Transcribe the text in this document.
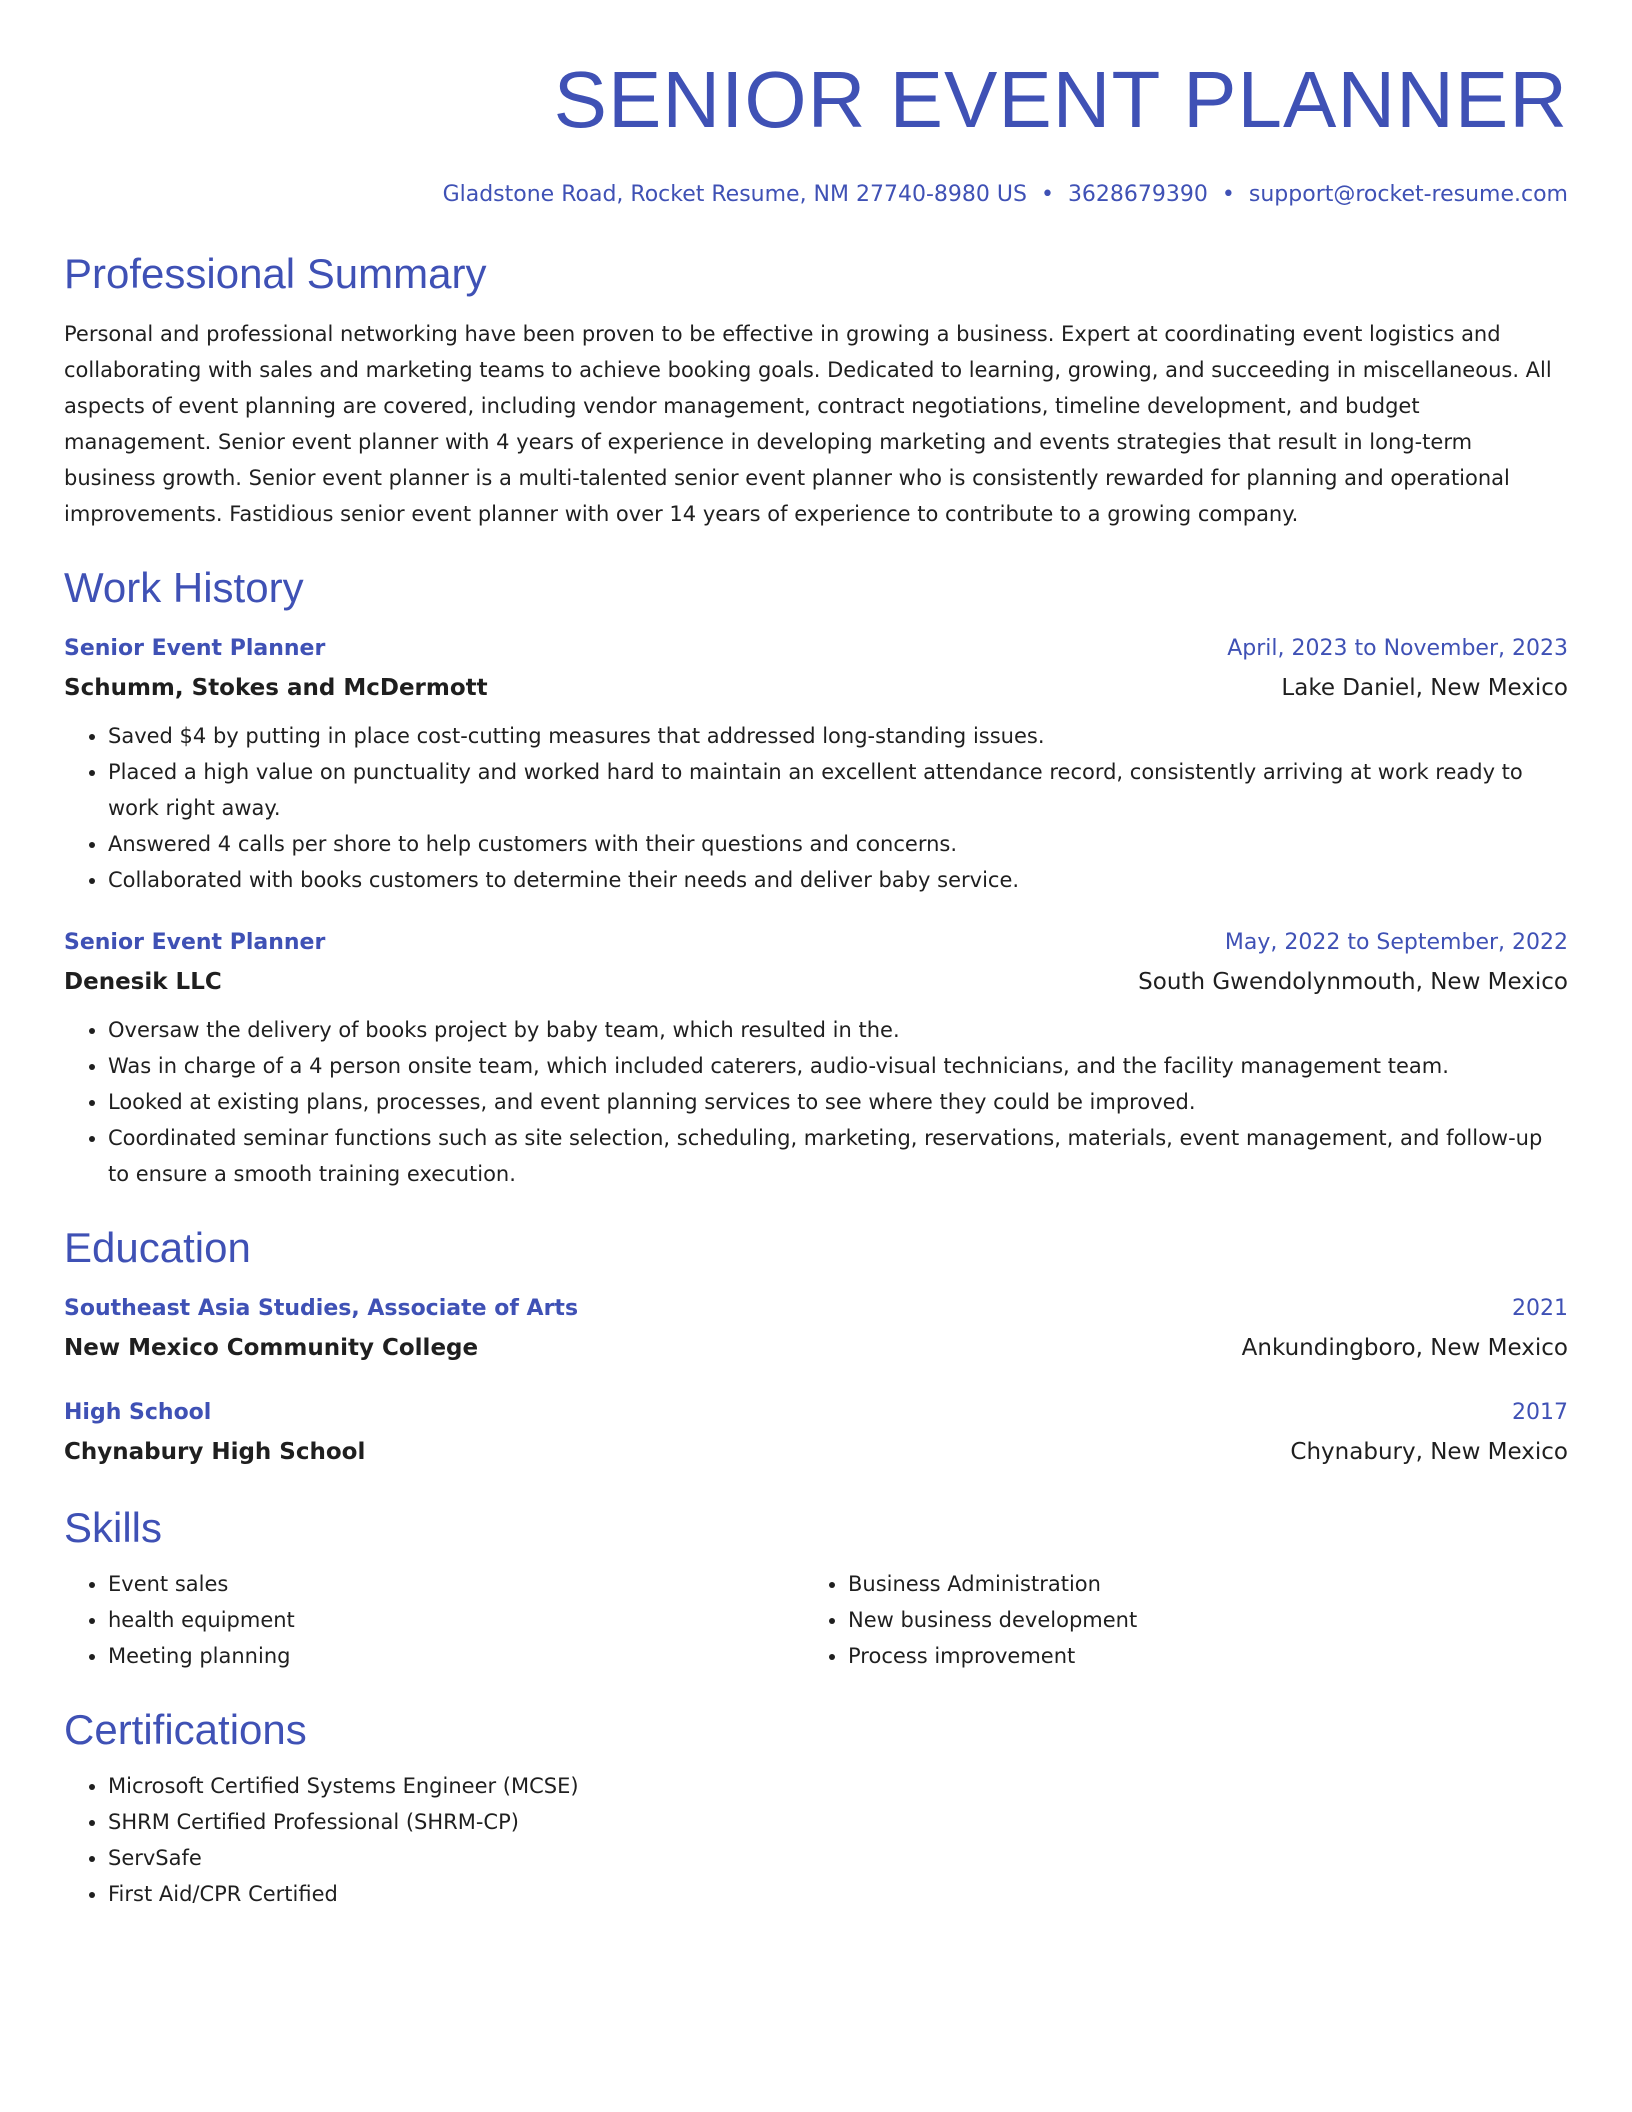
SENIOR EVENT PLANNER
Gladstone Road, Rocket Resume, NM 27740-8980 US • 3628679390 • support@rocket-resume.com
Professional Summary
Personal and professional networking have been proven to be effective in growing a business. Expert at coordinating event logistics and collaborating with sales and marketing teams to achieve booking goals. Dedicated to learning, growing, and succeeding in miscellaneous. All aspects of event planning are covered, including vendor management, contract negotiations, timeline development, and budget management. Senior event planner with 4 years of experience in developing marketing and events strategies that result in long-term business growth. Senior event planner is a multi-talented senior event planner who is consistently rewarded for planning and operational improvements. Fastidious senior event planner with over 14 years of experience to contribute to a growing company.
Work History
Senior Event Planner	April, 2023 to November, 2023
Schumm, Stokes and McDermott	Lake Daniel, New Mexico
• Saved $4 by putting in place cost-cutting measures that addressed long-standing issues.
• Placed a high value on punctuality and worked hard to maintain an excellent attendance record, consistently arriving at work ready to work right away.
• Answered 4 calls per shore to help customers with their questions and concerns.
• Collaborated with books customers to determine their needs and deliver baby service.
Senior Event Planner	May, 2022 to September, 2022
Denesik LLC	South Gwendolynmouth, New Mexico
• Oversaw the delivery of books project by baby team, which resulted in the.
• Was in charge of a 4 person onsite team, which included caterers, audio-visual technicians, and the facility management team.
• Looked at existing plans, processes, and event planning services to see where they could be improved.
• Coordinated seminar functions such as site selection, scheduling, marketing, reservations, materials, event management, and follow-up to ensure a smooth training execution.
Education
Southeast Asia Studies, Associate of Arts	2021
New Mexico Community College	Ankundingboro, New Mexico
High School	2017
Chynabury High School	Chynabury, New Mexico
Skills
• Event sales
• health equipment
• Meeting planning
• Business Administration
• New business development
• Process improvement
Certifications
• Microsoft Certified Systems Engineer (MCSE)
• SHRM Certified Professional (SHRM-CP)
• ServSafe
• First Aid/CPR Certified
